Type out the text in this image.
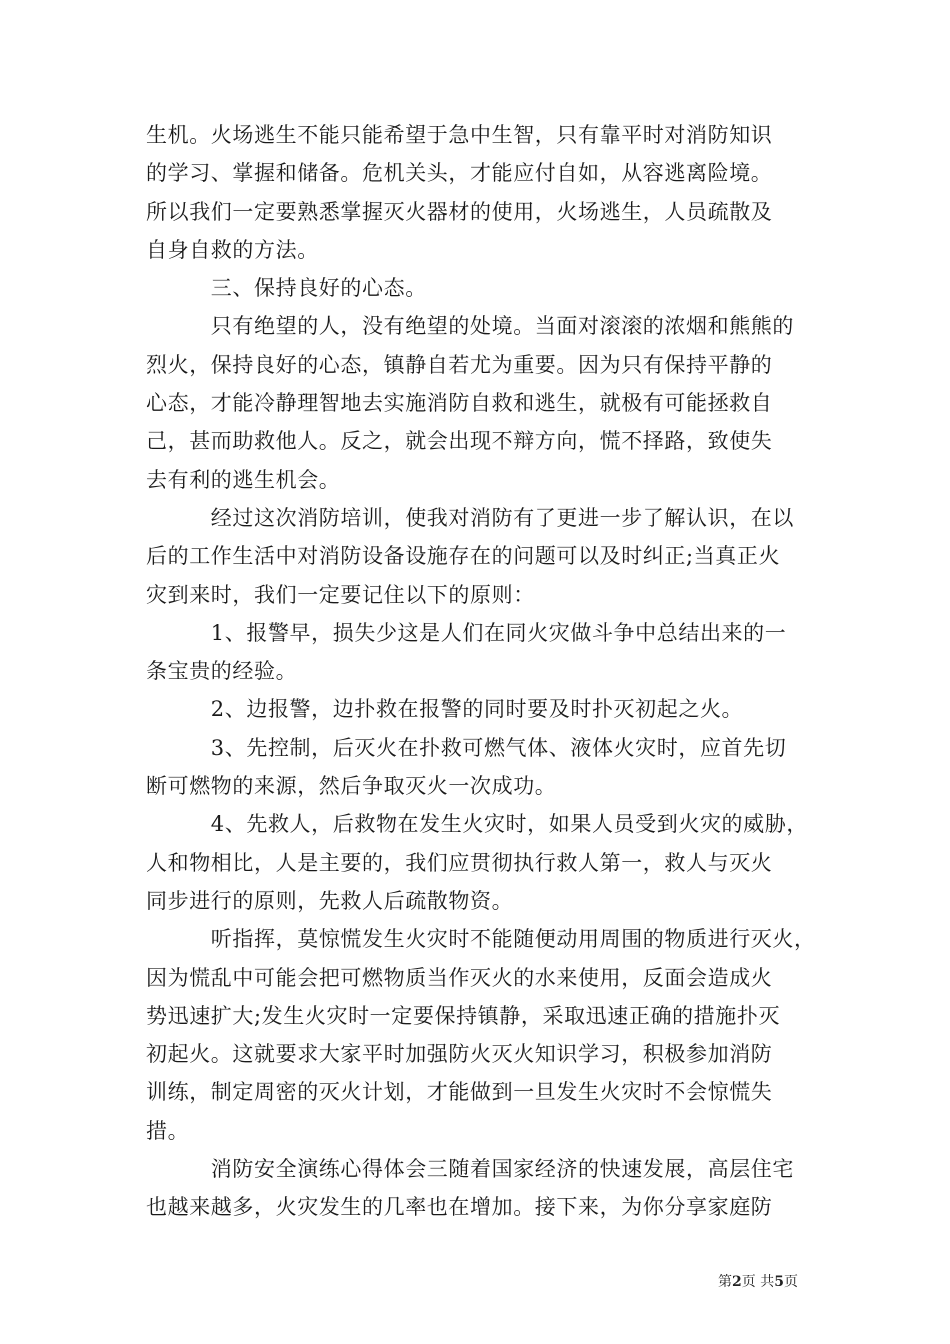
生机。火场逃生不能只能希望于急中生智，只有靠平时对消防知识
的学习、掌握和储备。危机关头，才能应付自如，从容逃离险境。
所以我们一定要熟悉掌握灭火器材的使用，火场逃生，人员疏散及
自身自救的方法。
　　　三、保持良好的心态。
　　　只有绝望的人，没有绝望的处境。当面对滚滚的浓烟和熊熊的
烈火，保持良好的心态，镇静自若尤为重要。因为只有保持平静的
心态，才能冷静理智地去实施消防自救和逃生，就极有可能拯救自
己，甚而助救他人。反之，就会出现不辩方向，慌不择路，致使失
去有利的逃生机会。
　　　经过这次消防培训，使我对消防有了更进一步了解认识，在以
后的工作生活中对消防设备设施存在的问题可以及时纠正;当真正火
灾到来时，我们一定要记住以下的原则：
　　　1、报警早，损失少这是人们在同火灾做斗争中总结出来的一
条宝贵的经验。
　　　2、边报警，边扑救在报警的同时要及时扑灭初起之火。
　　　3、先控制，后灭火在扑救可燃气体、液体火灾时，应首先切
断可燃物的来源，然后争取灭火一次成功。
　　　4、先救人，后救物在发生火灾时，如果人员受到火灾的威胁，
人和物相比，人是主要的，我们应贯彻执行救人第一，救人与灭火
同步进行的原则，先救人后疏散物资。
　　　听指挥，莫惊慌发生火灾时不能随便动用周围的物质进行灭火，
因为慌乱中可能会把可燃物质当作灭火的水来使用，反面会造成火
势迅速扩大;发生火灾时一定要保持镇静，采取迅速正确的措施扑灭
初起火。这就要求大家平时加强防火灭火知识学习，积极参加消防
训练，制定周密的灭火计划，才能做到一旦发生火灾时不会惊慌失
措。
　　　消防安全演练心得体会三随着国家经济的快速发展，高层住宅
也越来越多，火灾发生的几率也在增加。接下来，为你分享家庭防
第2页 共5页
